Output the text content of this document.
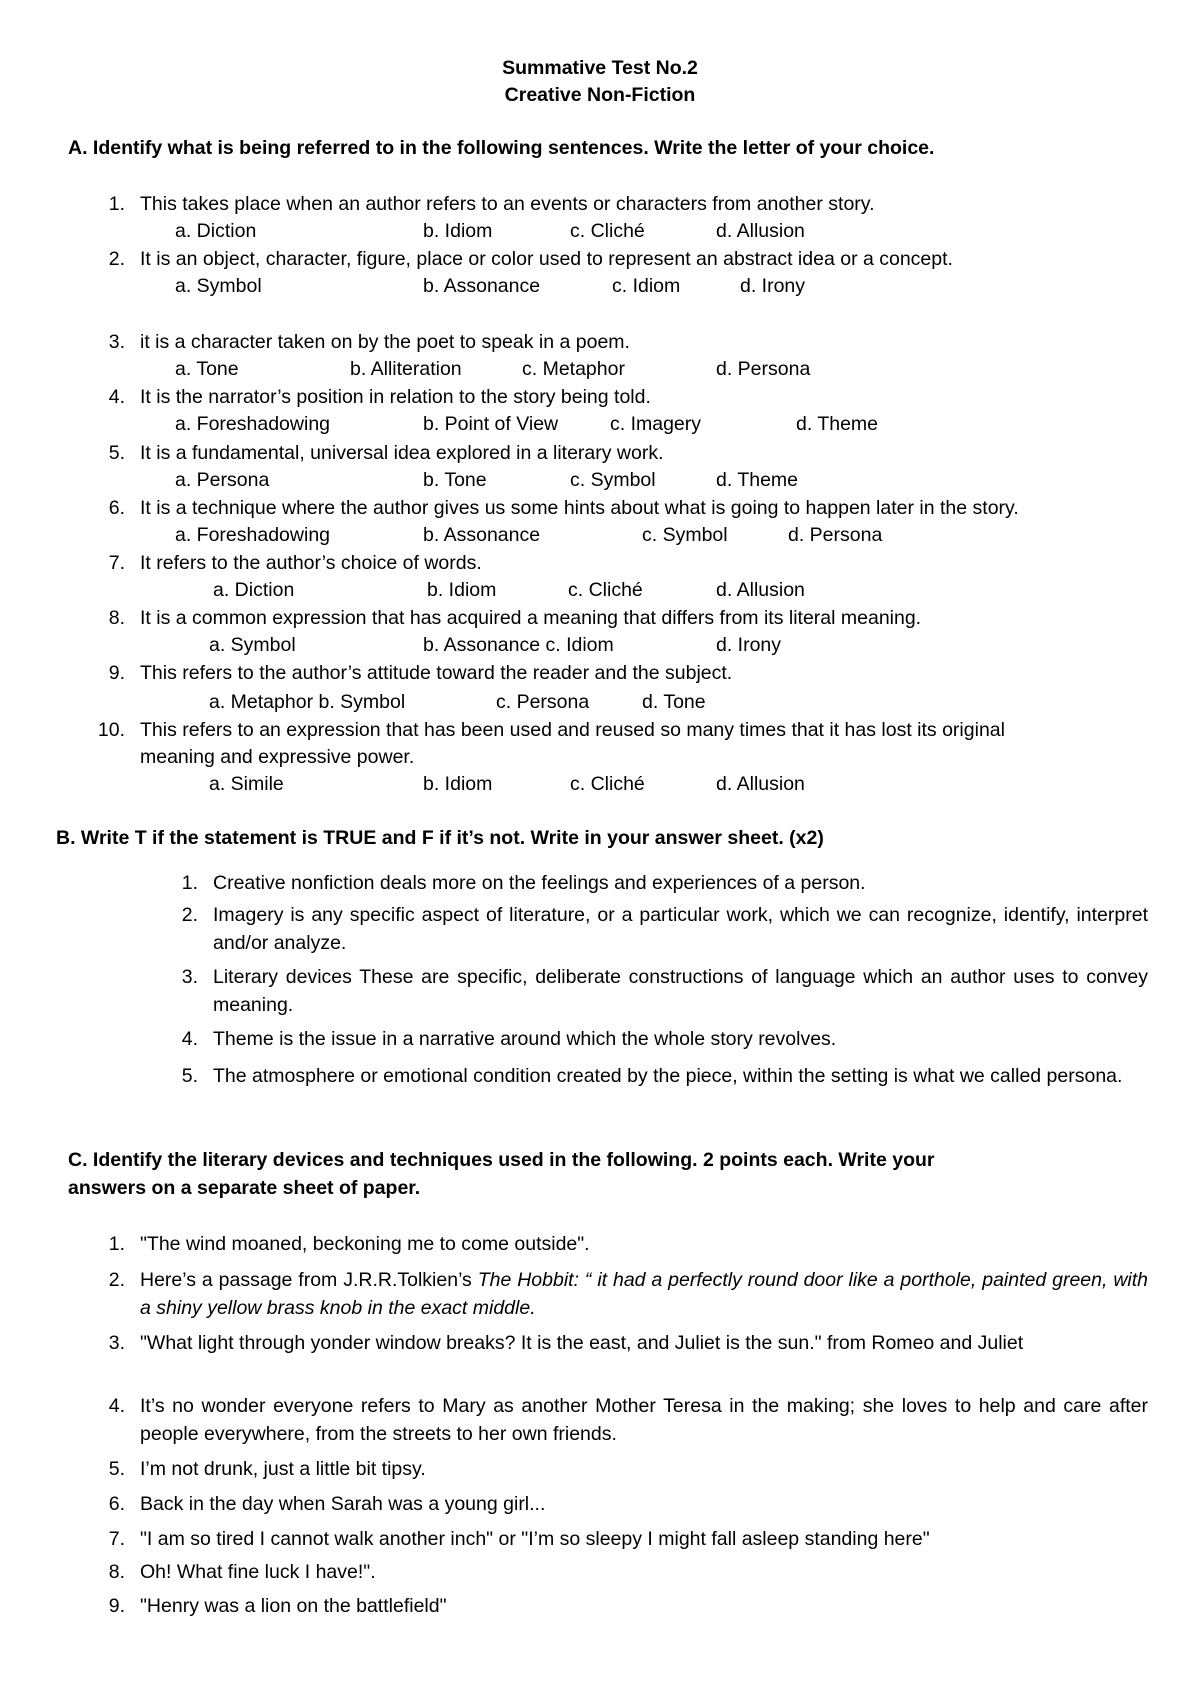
Summative Test No.2
Creative Non-Fiction
A. Identify what is being referred to in the following sentences. Write the letter of your choice.
1. This takes place when an author refers to an events or characters from another story.
a. Diction	b. Idiom	c. Cliché	d. Allusion
2. It is an object, character, figure, place or color used to represent an abstract idea or a concept.
a. Symbol	b. Assonance	c. Idiom	d. Irony
3. it is a character taken on by the poet to speak in a poem.
a. Tone	b. Alliteration	c. Metaphor	d. Persona
4. It is the narrator’s position in relation to the story being told.
a. Foreshadowing	b. Point of View	c. Imagery	d. Theme
5. It is a fundamental, universal idea explored in a literary work.
a. Persona	b. Tone	c. Symbol	d. Theme
6. It is a technique where the author gives us some hints about what is going to happen later in the story.
a. Foreshadowing	b. Assonance	c. Symbol	d. Persona
7. It refers to the author’s choice of words.
a. Diction	b. Idiom	c. Cliché	d. Allusion
8. It is a common expression that has acquired a meaning that differs from its literal meaning.
a. Symbol	b. Assonance c. Idiom	d. Irony
9. This refers to the author’s attitude toward the reader and the subject.
a. Metaphor b. Symbol	c. Persona	d. Tone
10. This refers to an expression that has been used and reused so many times that it has lost its original
meaning and expressive power.
a. Simile	b. Idiom	c. Cliché	d. Allusion
B. Write T if the statement is TRUE and F if it’s not. Write in your answer sheet. (x2)
1. Creative nonfiction deals more on the feelings and experiences of a person.
2. Imagery is any specific aspect of literature, or a particular work, which we can recognize, identify, interpret and/or analyze.
3. Literary devices These are specific, deliberate constructions of language which an author uses to convey meaning.
4. Theme is the issue in a narrative around which the whole story revolves.
5. The atmosphere or emotional condition created by the piece, within the setting is what we called persona.
C. Identify the literary devices and techniques used in the following. 2 points each. Write your
answers on a separate sheet of paper.
1. "The wind moaned, beckoning me to come outside".
2. Here’s a passage from J.R.R.Tolkien’s The Hobbit: “ it had a perfectly round door like a porthole, painted green, with a shiny yellow brass knob in the exact middle.
3. "What light through yonder window breaks? It is the east, and Juliet is the sun." from Romeo and Juliet
4. It’s no wonder everyone refers to Mary as another Mother Teresa in the making; she loves to help and care after people everywhere, from the streets to her own friends.
5. I’m not drunk, just a little bit tipsy.
6. Back in the day when Sarah was a young girl...
7. "I am so tired I cannot walk another inch" or "I’m so sleepy I might fall asleep standing here"
8. Oh! What fine luck I have!".
9. "Henry was a lion on the battlefield"
